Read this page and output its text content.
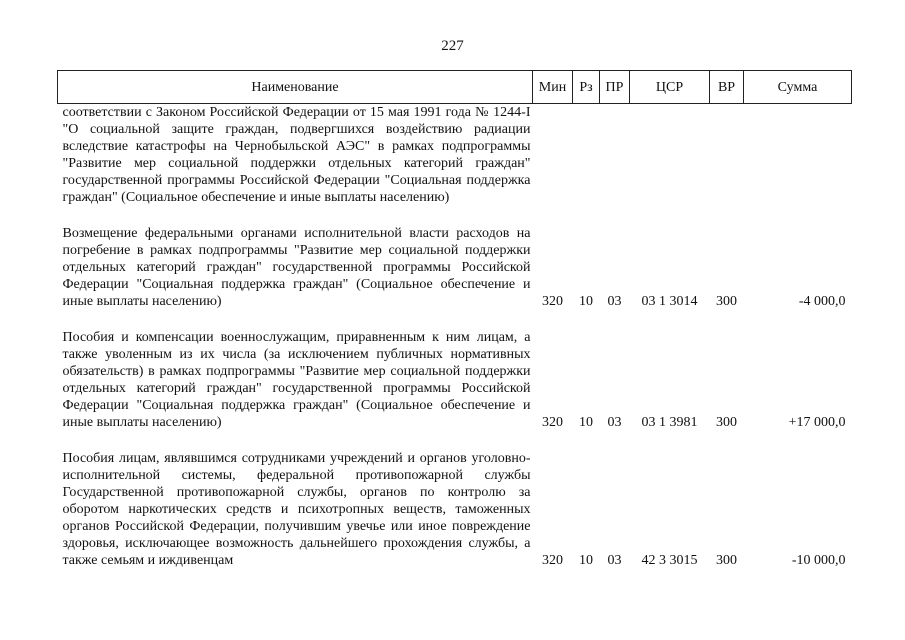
227
Наименование	Мин	Рз	ПР	ЦСР	ВР	Сумма

соответствии с Законом Российской Федерации от 15 мая 1991 года № 1244-I "О социальной защите граждан, подвергшихся воздействию радиации вследствие катастрофы на Чернобыльской АЭС" в рамках подпрограммы "Развитие мер социальной поддержки отдельных категорий граждан" государственной программы Российской Федерации "Социальная поддержка граждан" (Социальное обеспечение и иные выплаты населению)						

Возмещение федеральными органами исполнительной власти расходов на погребение в рамках подпрограммы "Развитие мер социальной поддержки отдельных категорий граждан" государственной программы Российской Федерации "Социальная поддержка граждан" (Социальное обеспечение и иные выплаты населению)	320	10	03	03 1 3014	300	-4 000,0

Пособия и компенсации военнослужащим, приравненным к ним лицам, а также уволенным из их числа (за исключением публичных нормативных обязательств) в рамках подпрограммы "Развитие мер социальной поддержки отдельных категорий граждан" государственной программы Российской Федерации "Социальная поддержка граждан" (Социальное обеспечение и иные выплаты населению)	320	10	03	03 1 3981	300	+17 000,0

Пособия лицам, являвшимся сотрудниками учреждений и органов уголовно-исполнительной системы, федеральной противопожарной службы Государственной противопожарной службы, органов по контролю за оборотом наркотических средств и психотропных веществ, таможенных органов Российской Федерации, получившим увечье или иное повреждение здоровья, исключающее возможность дальнейшего прохождения службы, а также семьям и иждивенцам	320	10	03	42 3 3015	300	-10 000,0
